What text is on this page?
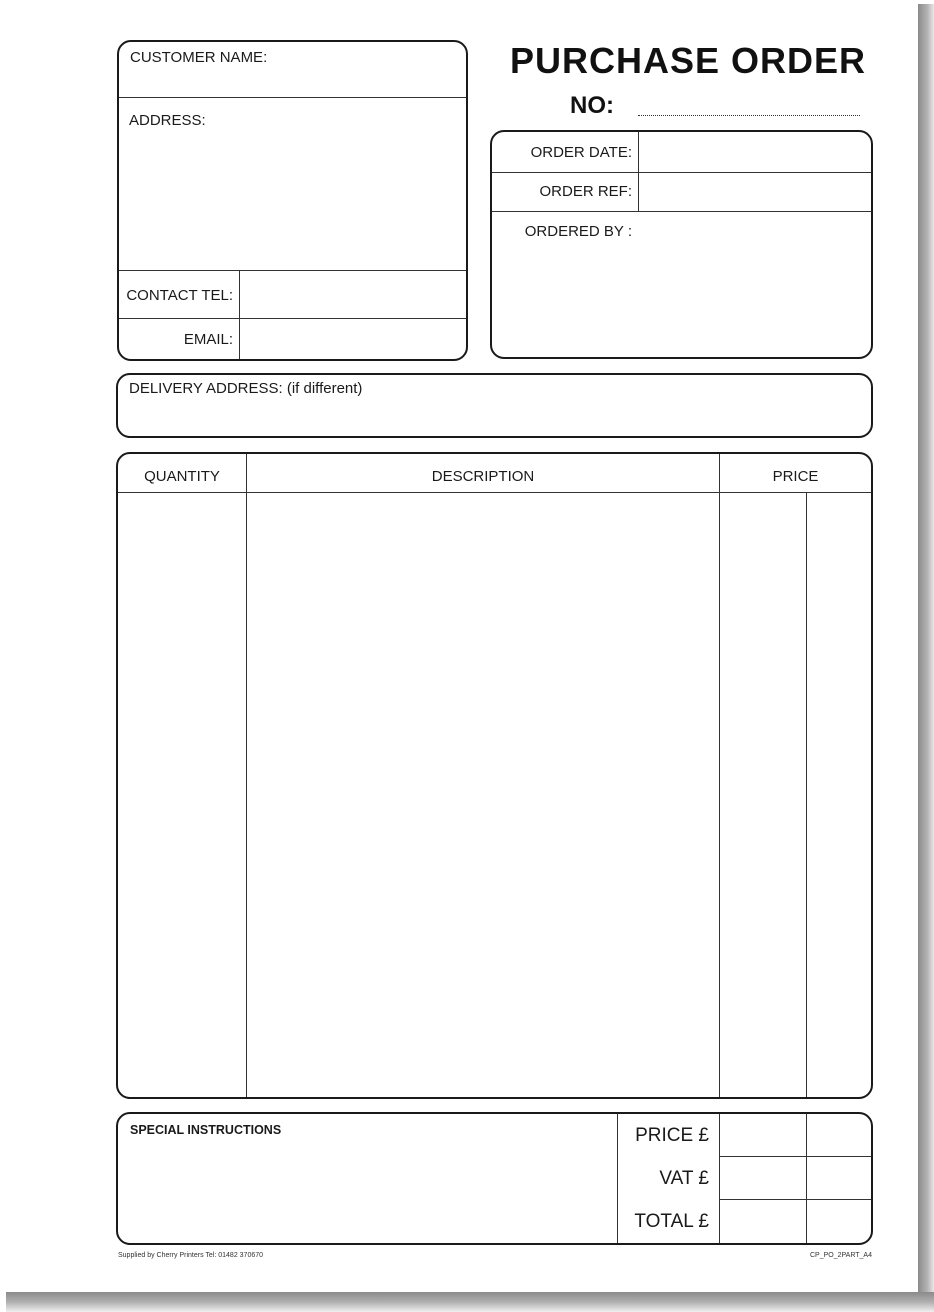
CUSTOMER NAME:
ADDRESS:
CONTACT TEL:
EMAIL:
PURCHASE ORDER
NO:
ORDER DATE:
ORDER REF:
ORDERED BY :
DELIVERY ADDRESS: (if different)
QUANTITY	DESCRIPTION	PRICE
SPECIAL INSTRUCTIONS	PRICE £
VAT £
TOTAL £
Supplied by Cherry Printers Tel: 01482 370670	CP_PO_2PART_A4
